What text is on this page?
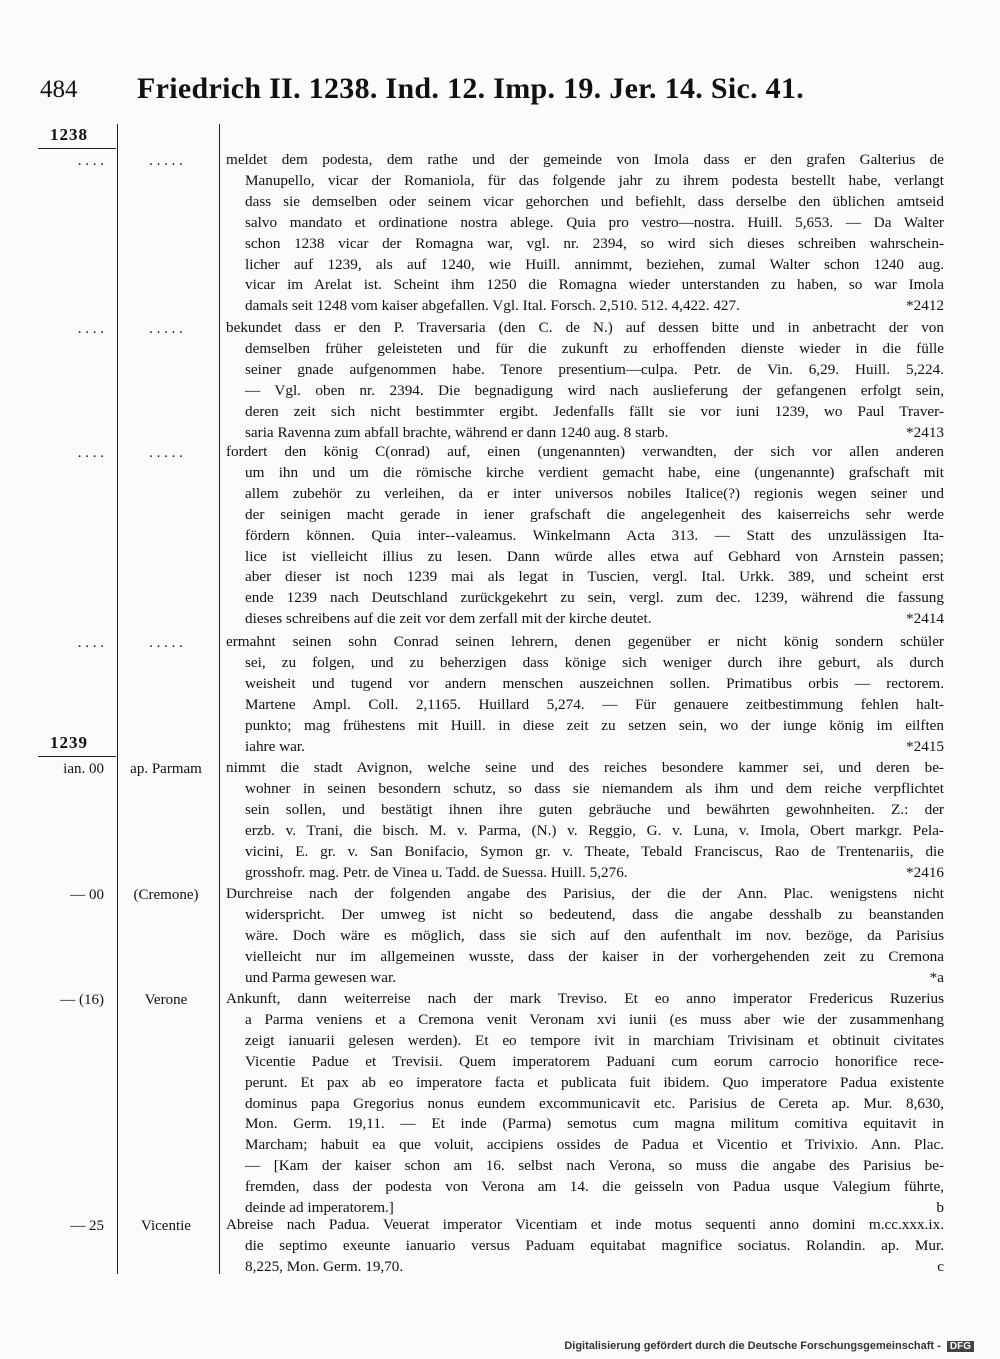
484 Friedrich II. 1238. Ind. 12. Imp. 19. Jer. 14. Sic. 41.
1238
1239
. . . .	. . . . .	meldet dem podesta, dem rathe und der gemeinde von Imola dass er den grafen Galterius de
Manupello, vicar der Romaniola, für das folgende jahr zu ihrem podesta bestellt habe, verlangt
dass sie demselben oder seinem vicar gehorchen und befiehlt, dass derselbe den üblichen amtseid
salvo mandato et ordinatione nostra ablege. Quia pro vestro—nostra. Huill. 5,653. — Da Walter
schon 1238 vicar der Romagna war, vgl. nr. 2394, so wird sich dieses schreiben wahrschein-
licher auf 1239, als auf 1240, wie Huill. annimmt, beziehen, zumal Walter schon 1240 aug.
vicar im Arelat ist. Scheint ihm 1250 die Romagna wieder unterstanden zu haben, so war Imola
damals seit 1248 vom kaiser abgefallen. Vgl. Ital. Forsch. 2,510. 512. 4,422. 427.	*2412
. . . .	. . . . .	bekundet dass er den P. Traversaria (den C. de N.) auf dessen bitte und in anbetracht der von
demselben früher geleisteten und für die zukunft zu erhoffenden dienste wieder in die fülle
seiner gnade aufgenommen habe. Tenore presentium—culpa. Petr. de Vin. 6,29. Huill. 5,224.
— Vgl. oben nr. 2394. Die begnadigung wird nach auslieferung der gefangenen erfolgt sein,
deren zeit sich nicht bestimmter ergibt. Jedenfalls fällt sie vor iuni 1239, wo Paul Traver-
saria Ravenna zum abfall brachte, während er dann 1240 aug. 8 starb.	*2413
. . . .	. . . . .	fordert den könig C(onrad) auf, einen (ungenannten) verwandten, der sich vor allen anderen
um ihn und um die römische kirche verdient gemacht habe, eine (ungenannte) grafschaft mit
allem zubehör zu verleihen, da er inter universos nobiles Italice(?) regionis wegen seiner und
der seinigen macht gerade in iener grafschaft die angelegenheit des kaiserreichs sehr werde
fördern können. Quia inter--valeamus. Winkelmann Acta 313. — Statt des unzulässigen Ita-
lice ist vielleicht illius zu lesen. Dann würde alles etwa auf Gebhard von Arnstein passen;
aber dieser ist noch 1239 mai als legat in Tuscien, vergl. Ital. Urkk. 389, und scheint erst
ende 1239 nach Deutschland zurückgekehrt zu sein, vergl. zum dec. 1239, während die fassung
dieses schreibens auf die zeit vor dem zerfall mit der kirche deutet.	*2414
. . . .	. . . . .	ermahnt seinen sohn Conrad seinen lehrern, denen gegenüber er nicht könig sondern schüler
sei, zu folgen, und zu beherzigen dass könige sich weniger durch ihre geburt, als durch
weisheit und tugend vor andern menschen auszeichnen sollen. Primatibus orbis — rectorem.
Martene Ampl. Coll. 2,1165. Huillard 5,274. — Für genauere zeitbestimmung fehlen halt-
punkto; mag frühestens mit Huill. in diese zeit zu setzen sein, wo der iunge könig im eilften
iahre war.	*2415
ian. 00	ap. Parmam	nimmt die stadt Avignon, welche seine und des reiches besondere kammer sei, und deren be-
wohner in seinen besondern schutz, so dass sie niemandem als ihm und dem reiche verpflichtet
sein sollen, und bestätigt ihnen ihre guten gebräuche und bewährten gewohnheiten. Z.: der
erzb. v. Trani, die bisch. M. v. Parma, (N.) v. Reggio, G. v. Luna, v. Imola, Obert markgr. Pela-
vicini, E. gr. v. San Bonifacio, Symon gr. v. Theate, Tebald Franciscus, Rao de Trentenariis, die
grosshofr. mag. Petr. de Vinea u. Tadd. de Suessa. Huill. 5,276.	*2416
— 00	(Cremone)	Durchreise nach der folgenden angabe des Parisius, der die der Ann. Plac. wenigstens nicht
widerspricht. Der umweg ist nicht so bedeutend, dass die angabe desshalb zu beanstanden
wäre. Doch wäre es möglich, dass sie sich auf den aufenthalt im nov. bezöge, da Parisius
vielleicht nur im allgemeinen wusste, dass der kaiser in der vorhergehenden zeit zu Cremona
und Parma gewesen war.	*a
— (16)	Verone	Ankunft, dann weiterreise nach der mark Treviso. Et eo anno imperator Fredericus Ruzerius
a Parma veniens et a Cremona venit Veronam xvi iunii (es muss aber wie der zusammenhang
zeigt ianuarii gelesen werden). Et eo tempore ivit in marchiam Trivisinam et obtinuit civitates
Vicentie Padue et Trevisii. Quem imperatorem Paduani cum eorum carrocio honorifice rece-
perunt. Et pax ab eo imperatore facta et publicata fuit ibidem. Quo imperatore Padua existente
dominus papa Gregorius nonus eundem excommunicavit etc. Parisius de Cereta ap. Mur. 8,630,
Mon. Germ. 19,11. — Et inde (Parma) semotus cum magna militum comitiva equitavit in
Marcham; habuit ea que voluit, accipiens ossides de Padua et Vicentio et Trivixio. Ann. Plac.
— [Kam der kaiser schon am 16. selbst nach Verona, so muss die angabe des Parisius be-
fremden, dass der podesta von Verona am 14. die geisseln von Padua usque Valegium führte,
deinde ad imperatorem.]	b
— 25	Vicentie	Abreise nach Padua. Veuerat imperator Vicentiam et inde motus sequenti anno domini m.cc.xxx.ix.
die septimo exeunte ianuario versus Paduam equitabat magnifice sociatus. Rolandin. ap. Mur.
8,225, Mon. Germ. 19,70.	c
Digitalisierung gefördert durch die Deutsche Forschungsgemeinschaft - DFG
